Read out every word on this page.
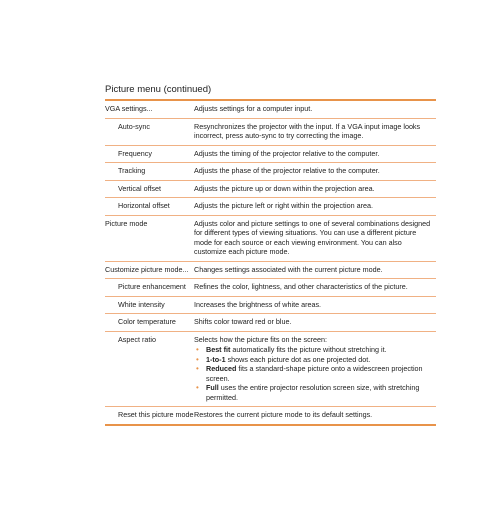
Picture menu (continued)
VGA settings...	Adjusts settings for a computer input.
Auto-sync	Resynchronizes the projector with the input. If a VGA input image looks incorrect, press auto-sync to try correcting the image.
Frequency	Adjusts the timing of the projector relative to the computer.
Tracking	Adjusts the phase of the projector relative to the computer.
Vertical offset	Adjusts the picture up or down within the projection area.
Horizontal offset	Adjusts the picture left or right within the projection area.
Picture mode	Adjusts color and picture settings to one of several combinations designed for different types of viewing situations. You can use a different picture mode for each source or each viewing environment. You can also customize each picture mode.
Customize picture mode... Changes settings associated with the current picture mode.
Picture enhancement	Refines the color, lightness, and other characteristics of the picture.
White intensity	Increases the brightness of white areas.
Color temperature	Shifts color toward red or blue.
Aspect ratio	Selects how the picture fits on the screen:
• Best fit automatically fits the picture without stretching it.
• 1-to-1 shows each picture dot as one projected dot.
• Reduced fits a standard-shape picture onto a widescreen projection screen.
• Full uses the entire projector resolution screen size, with stretching permitted.
Reset this picture mode Restores the current picture mode to its default settings.
